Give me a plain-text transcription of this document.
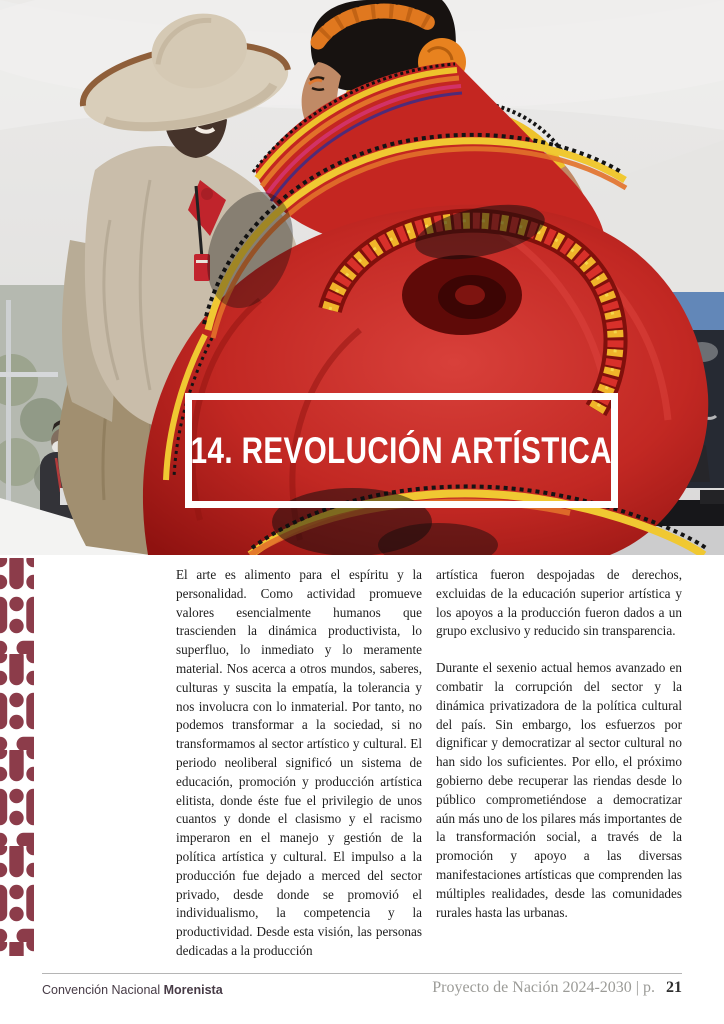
14. REVOLUCIÓN ARTÍSTICA

El arte es alimento para el espíritu y la personalidad. Como actividad promueve valores esencialmente humanos que trascienden la dinámica productivista, lo superfluo, lo inmediato y lo meramente material. Nos acerca a otros mundos, saberes, culturas y suscita la empatía, la tolerancia y nos involucra con lo inmaterial. Por tanto, no podemos transformar a la sociedad, si no transformamos al sector artístico y cultural. El periodo neoliberal significó un sistema de educación, promoción y producción artística elitista, donde éste fue el privilegio de unos cuantos y donde el clasismo y el racismo imperaron en el manejo y gestión de la política artística y cultural. El impulso a la producción fue dejado a merced del sector privado, desde donde se promovió el individualismo, la competencia y la productividad. Desde esta visión, las personas dedicadas a la producción

artística fueron despojadas de derechos, excluidas de la educación superior artística y los apoyos a la producción fueron dados a un grupo exclusivo y reducido sin transparencia.

Durante el sexenio actual hemos avanzado en combatir la corrupción del sector y la dinámica privatizadora de la política cultural del país. Sin embargo, los esfuerzos por dignificar y democratizar al sector cultural no han sido los suficientes. Por ello, el próximo gobierno debe recuperar las riendas desde lo público comprometiéndose a democratizar aún más uno de los pilares más importantes de la transformación social, a través de la promoción y apoyo a las diversas manifestaciones artísticas que comprenden las múltiples realidades, desde las comunidades rurales hasta las urbanas.

Convención Nacional Morenista	Proyecto de Nación 2024-2030 | p. 21
